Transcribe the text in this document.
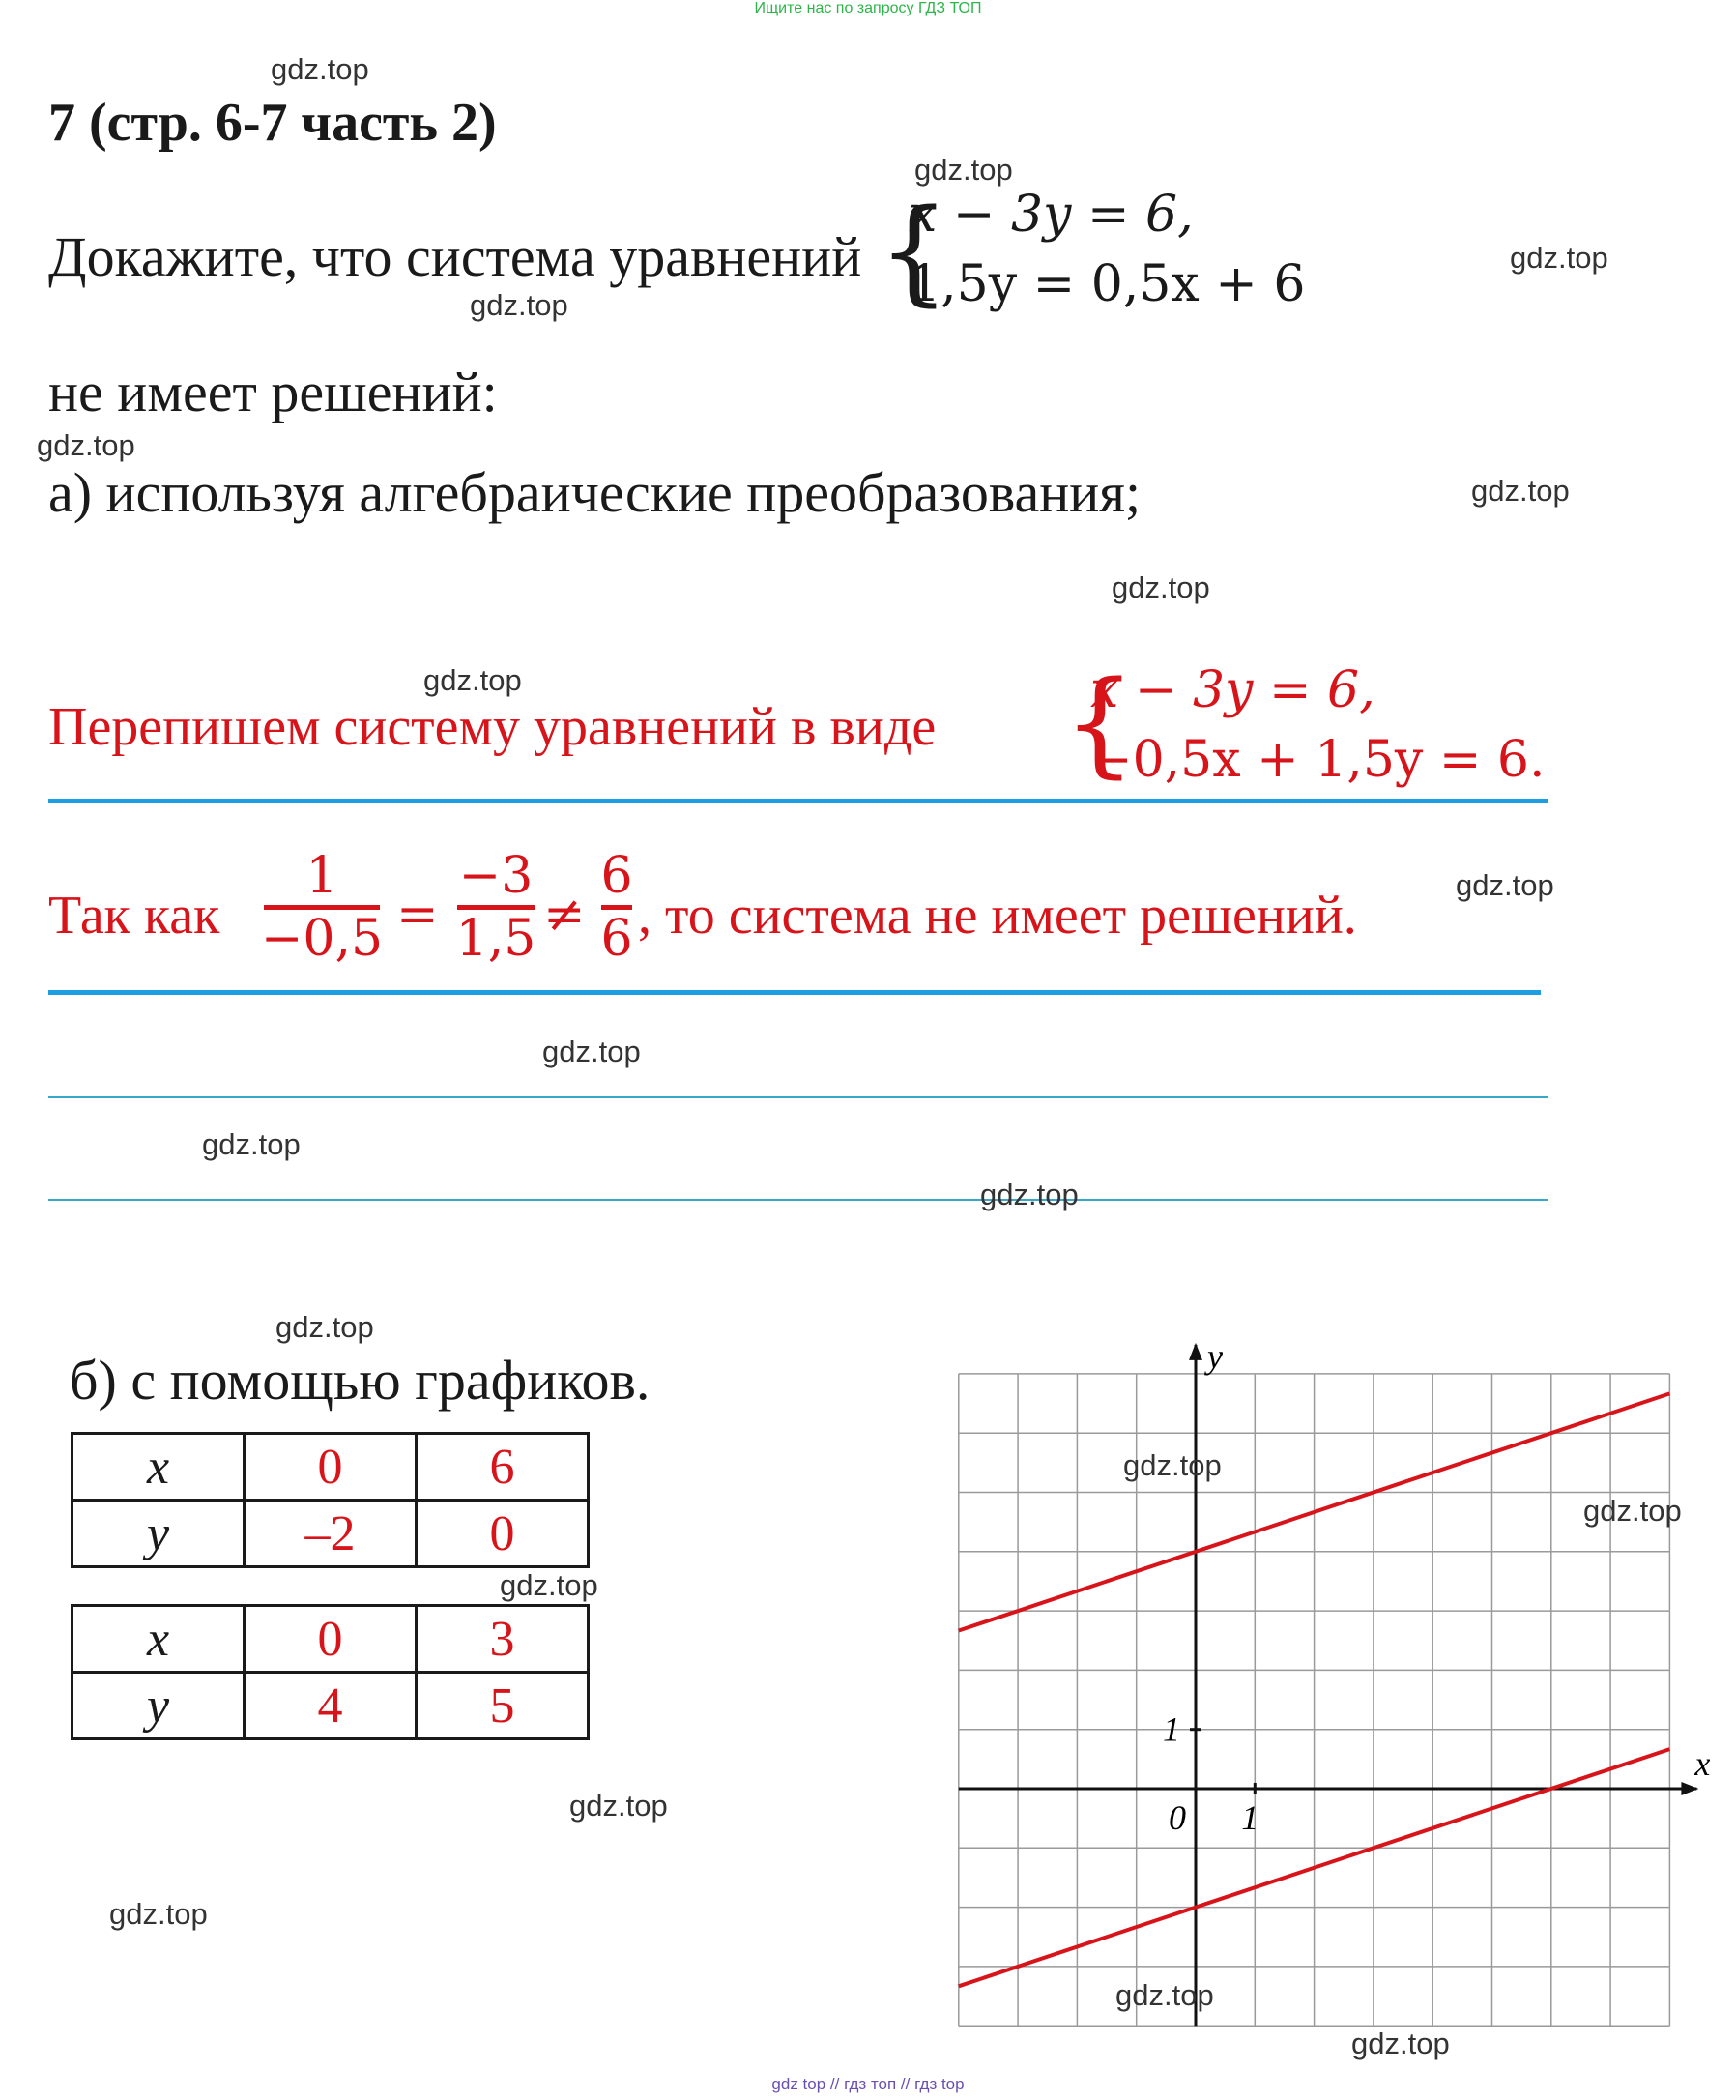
Ищите нас по запросу ГДЗ ТОП
7 (стр. 6-7 часть 2)
Докажите, что система уравнений {
x − 3y = 6,
1,5y = 0,5x + 6
не имеет решений:
а) используя алгебраические преобразования;
Перепишем систему уравнений в виде {
x − 3y = 6,
−0,5x + 1,5y = 6.
Так как
1
−0,5 =
−3
1,5 ≠
6
6 , то система не имеет решений.
б) с помощью графиков.
x	0	6
y	–2	0
x	0	3
y	4	5
x
y
0 1
1
gdz.top
gdz.top
gdz.top
gdz.top
gdz.top
gdz.top
gdz.top
gdz.top
gdz.top
gdz.top
gdz.top
gdz.top
gdz.top
gdz.top
gdz.top
gdz.top
gdz.top
gdz.top
gdz.top
gdz.top
gdz top // гдз топ // гдз top
